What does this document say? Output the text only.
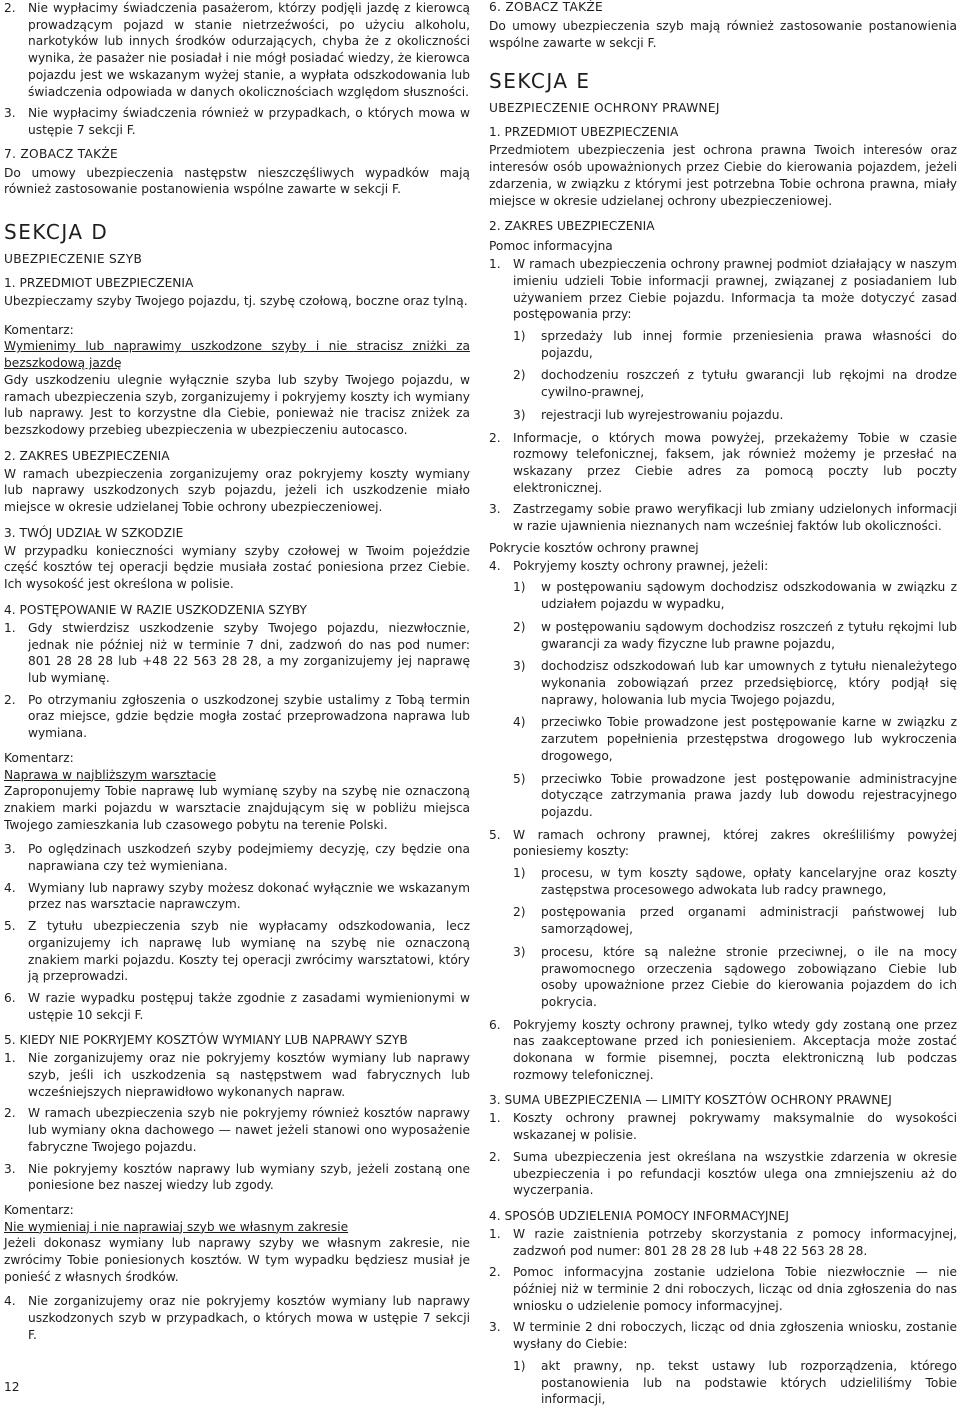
2.	Nie wypłacimy świadczenia pasażerom, którzy podjęli jazdę z kierowcą prowadzącym pojazd w stanie nietrzeźwości, po użyciu alkoholu, narkotyków lub innych środków odurzających, chyba że z okoliczności wynika, że pasażer nie posiadał i nie mógł posiadać wiedzy, że kierowca pojazdu jest we wskazanym wyżej stanie, a wypłata odszkodowania lub świadczenia odpowiada w danych okolicznościach względom słuszności.
3.	Nie wypłacimy świadczenia również w przypadkach, o których mowa w ustępie 7 sekcji F.
7. ZOBACZ TAKŻE

Do umowy ubezpieczenia następstw nieszczęśliwych wypadków mają również zastosowanie postanowienia wspólne zawarte w sekcji F.

SEKCJA D
UBEZPIECZENIE SZYB
1. PRZEDMIOT UBEZPIECZENIA

Ubezpieczamy szyby Twojego pojazdu, tj. szybę czołową, boczne oraz tylną.

Komentarz:

Wymienimy lub naprawimy uszkodzone szyby i nie stracisz zniżki za bezszkodową jazdę

Gdy uszkodzeniu ulegnie wyłącznie szyba lub szyby Twojego pojazdu, w ramach ubezpieczenia szyb, zorganizujemy i pokryjemy koszty ich wymiany lub naprawy. Jest to korzystne dla Ciebie, ponieważ nie tracisz zniżek za bezszkodowy przebieg ubezpieczenia w ubezpieczeniu autocasco.

2. ZAKRES UBEZPIECZENIA

W ramach ubezpieczenia zorganizujemy oraz pokryjemy koszty wymiany lub naprawy uszkodzonych szyb pojazdu, jeżeli ich uszkodzenie miało miejsce w okresie udzielanej Tobie ochrony ubezpieczeniowej.

3. TWÓJ UDZIAŁ W SZKODZIE

W przypadku konieczności wymiany szyby czołowej w Twoim pojeździe część kosztów tej operacji będzie musiała zostać poniesiona przez Ciebie. Ich wysokość jest określona w polisie.

4. POSTĘPOWANIE W RAZIE USZKODZENIA SZYBY
1.	Gdy stwierdzisz uszkodzenie szyby Twojego pojazdu, niezwłocznie, jednak nie później niż w terminie 7 dni, zadzwoń do nas pod numer: 801 28 28 28 lub +48 22 563 28 28, a my zorganizujemy jej naprawę lub wymianę.
2.	Po otrzymaniu zgłoszenia o uszkodzonej szybie ustalimy z Tobą termin oraz miejsce, gdzie będzie mogła zostać przeprowadzona naprawa lub wymiana.

Komentarz:

Naprawa w najbliższym warsztacie

Zaproponujemy Tobie naprawę lub wymianę szyby na szybę nie oznaczoną znakiem marki pojazdu w warsztacie znajdującym się w pobliżu miejsca Twojego zamieszkania lub czasowego pobytu na terenie Polski.

3.	Po oględzinach uszkodzeń szyby podejmiemy decyzję, czy będzie ona naprawiana czy też wymieniana.
4.	Wymiany lub naprawy szyby możesz dokonać wyłącznie we wskazanym przez nas warsztacie naprawczym.
5.	Z tytułu ubezpieczenia szyb nie wypłacamy odszkodowania, lecz organizujemy ich naprawę lub wymianę na szybę nie oznaczoną znakiem marki pojazdu. Koszty tej operacji zwrócimy warsztatowi, który ją przeprowadzi.
6.	W razie wypadku postępuj także zgodnie z zasadami wymienionymi w ustępie 10 sekcji F.
5. KIEDY NIE POKRYJEMY KOSZTÓW WYMIANY LUB NAPRAWY SZYB
1.	Nie zorganizujemy oraz nie pokryjemy kosztów wymiany lub naprawy szyb, jeśli ich uszkodzenia są następstwem wad fabrycznych lub wcześniejszych nieprawidłowo wykonanych napraw.
2.	W ramach ubezpieczenia szyb nie pokryjemy również kosztów naprawy lub wymiany okna dachowego — nawet jeżeli stanowi ono wyposażenie fabryczne Twojego pojazdu.
3.	Nie pokryjemy kosztów naprawy lub wymiany szyb, jeżeli zostaną one poniesione bez naszej wiedzy lub zgody.

Komentarz:

Nie wymieniaj i nie naprawiaj szyb we własnym zakresie

Jeżeli dokonasz wymiany lub naprawy szyby we własnym zakresie, nie zwrócimy Tobie poniesionych kosztów. W tym wypadku będziesz musiał je ponieść z własnych środków.

4.	Nie zorganizujemy oraz nie pokryjemy kosztów wymiany lub naprawy uszkodzonych szyb w przypadkach, o których mowa w ustępie 7 sekcji F.
6. ZOBACZ TAKŻE

Do umowy ubezpieczenia szyb mają również zastosowanie postanowienia wspólne zawarte w sekcji F.

SEKCJA E
UBEZPIECZENIE OCHRONY PRAWNEJ
1. PRZEDMIOT UBEZPIECZENIA

Przedmiotem ubezpieczenia jest ochrona prawna Twoich interesów oraz interesów osób upoważnionych przez Ciebie do kierowania pojazdem, jeżeli zdarzenia, w związku z którymi jest potrzebna Tobie ochrona prawna, miały miejsce w okresie udzielanej ochrony ubezpieczeniowej.

2. ZAKRES UBEZPIECZENIA
Pomoc informacyjna
1.	W ramach ubezpieczenia ochrony prawnej podmiot działający w naszym imieniu udzieli Tobie informacji prawnej, związanej z posiadaniem lub używaniem przez Ciebie pojazdu. Informacja ta może dotyczyć zasad postępowania przy:
1)	sprzedaży lub innej formie przeniesienia prawa własności do pojazdu,
2)	dochodzeniu roszczeń z tytułu gwarancji lub rękojmi na drodze cywilno-prawnej,
3)	rejestracji lub wyrejestrowaniu pojazdu.
2.	Informacje, o których mowa powyżej, przekażemy Tobie w czasie rozmowy telefonicznej, faksem, jak również możemy je przesłać na wskazany przez Ciebie adres za pomocą poczty lub poczty elektronicznej.
3.	Zastrzegamy sobie prawo weryfikacji lub zmiany udzielonych informacji w razie ujawnienia nieznanych nam wcześniej faktów lub okoliczności.
Pokrycie kosztów ochrony prawnej
4.	Pokryjemy koszty ochrony prawnej, jeżeli:
1)	w postępowaniu sądowym dochodzisz odszkodowania w związku z udziałem pojazdu w wypadku,
2)	w postępowaniu sądowym dochodzisz roszczeń z tytułu rękojmi lub gwarancji za wady fizyczne lub prawne pojazdu,
3)	dochodzisz odszkodowań lub kar umownych z tytułu nienależytego wykonania zobowiązań przez przedsiębiorcę, który podjął się naprawy, holowania lub mycia Twojego pojazdu,
4)	przeciwko Tobie prowadzone jest postępowanie karne w związku z zarzutem popełnienia przestępstwa drogowego lub wykroczenia drogowego,
5)	przeciwko Tobie prowadzone jest postępowanie administracyjne dotyczące zatrzymania prawa jazdy lub dowodu rejestracyjnego pojazdu.
5.	W ramach ochrony prawnej, której zakres określiliśmy powyżej poniesiemy koszty:
1)	procesu, w tym koszty sądowe, opłaty kancelaryjne oraz koszty zastępstwa procesowego adwokata lub radcy prawnego,
2)	postępowania przed organami administracji państwowej lub samorządowej,
3)	procesu, które są należne stronie przeciwnej, o ile na mocy prawomocnego orzeczenia sądowego zobowiązano Ciebie lub osoby upoważnione przez Ciebie do kierowania pojazdem do ich pokrycia.
6.	Pokryjemy koszty ochrony prawnej, tylko wtedy gdy zostaną one przez nas zaakceptowane przed ich poniesieniem. Akceptacja może zostać dokonana w formie pisemnej, poczta elektroniczną lub podczas rozmowy telefonicznej.
3. SUMA UBEZPIECZENIA — LIMITY KOSZTÓW OCHRONY PRAWNEJ
1.	Koszty ochrony prawnej pokrywamy maksymalnie do wysokości wskazanej w polisie.
2.	Suma ubezpieczenia jest określana na wszystkie zdarzenia w okresie ubezpieczenia i po refundacji kosztów ulega ona zmniejszeniu aż do wyczerpania.
4. SPOSÓB UDZIELENIA POMOCY INFORMACYJNEJ
1.	W razie zaistnienia potrzeby skorzystania z pomocy informacyjnej, zadzwoń pod numer: 801 28 28 28 lub +48 22 563 28 28.
2.	Pomoc informacyjna zostanie udzielona Tobie niezwłocznie — nie później niż w terminie 2 dni roboczych, licząc od dnia zgłoszenia do nas wniosku o udzielenie pomocy informacyjnej.
3.	W terminie 2 dni roboczych, licząc od dnia zgłoszenia wniosku, zostanie wysłany do Ciebie:
1)	akt prawny, np. tekst ustawy lub rozporządzenia, którego postanowienia lub na podstawie których udzieliliśmy Tobie informacji,
12
